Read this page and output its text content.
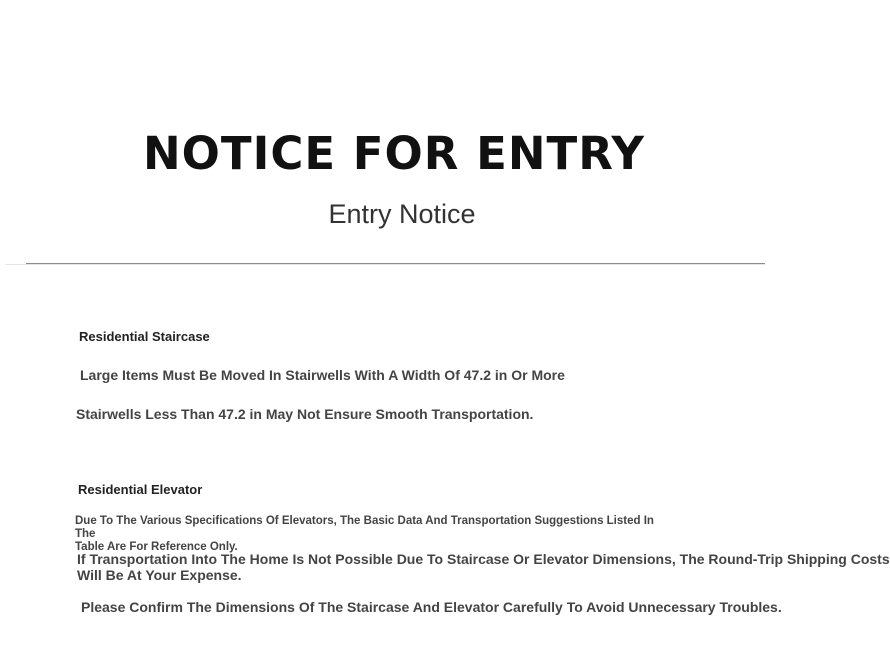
NOTICE FOR ENTRY
Entry Notice
Residential Staircase
Large Items Must Be Moved In Stairwells With A Width Of 47.2 in Or More
Stairwells Less Than 47.2 in May Not Ensure Smooth Transportation.
Residential Elevator
Due To The Various Specifications Of Elevators, The Basic Data And Transportation Suggestions Listed In The
Table Are For Reference Only.
If Transportation Into The Home Is Not Possible Due To Staircase Or Elevator Dimensions, The Round-Trip Shipping Costs
Will Be At Your Expense.
Please Confirm The Dimensions Of The Staircase And Elevator Carefully To Avoid Unnecessary Troubles.
